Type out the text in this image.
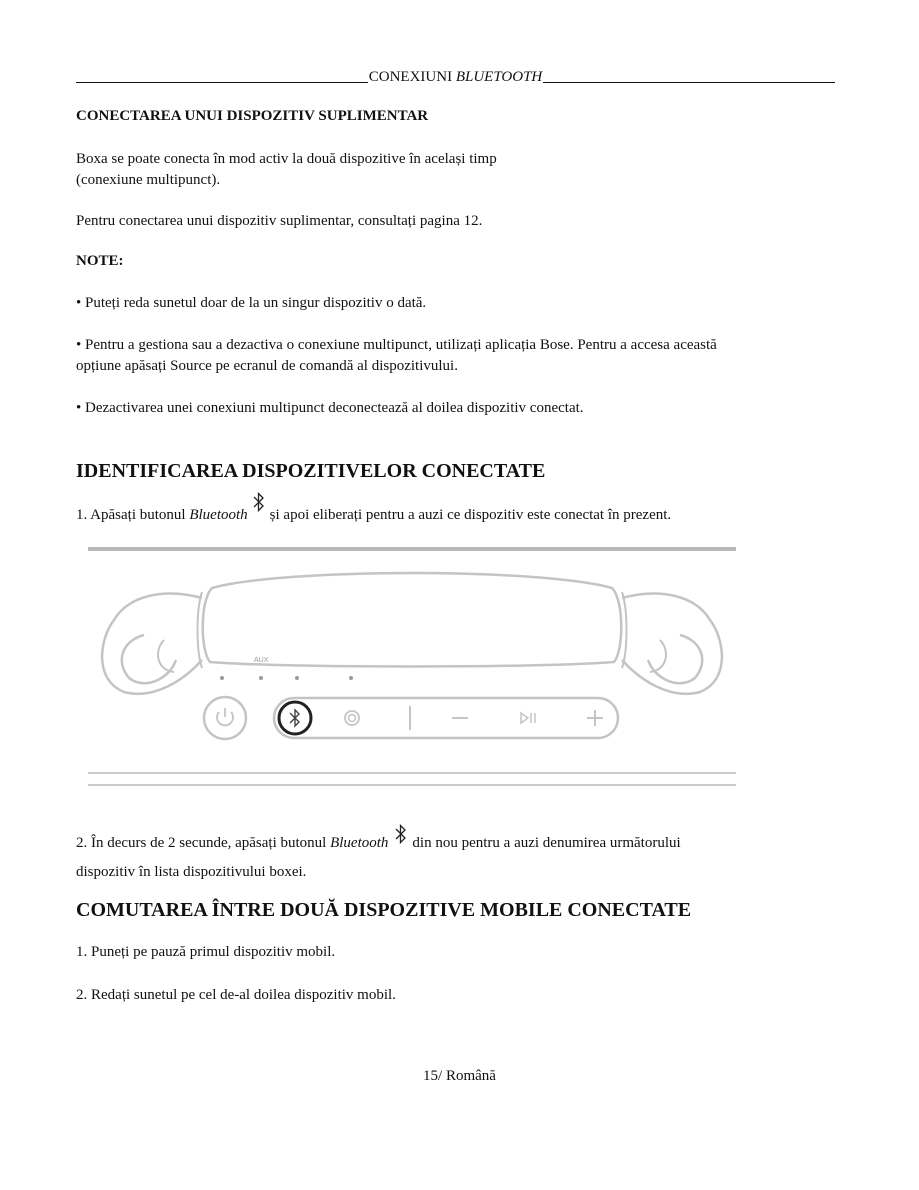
CONEXIUNI BLUETOOTH
CONECTAREA UNUI DISPOZITIV SUPLIMENTAR
Boxa se poate conecta în mod activ la două dispozitive în același timp
(conexiune multipunct).
Pentru conectarea unui dispozitiv suplimentar, consultați pagina 12.
NOTE:
• Puteți reda sunetul doar de la un singur dispozitiv o dată.
• Pentru a gestiona sau a dezactiva o conexiune multipunct, utilizați aplicația Bose. Pentru a accesa această
opțiune apăsați Source pe ecranul de comandă al dispozitivului.
• Dezactivarea unei conexiuni multipunct deconectează al doilea dispozitiv conectat.
IDENTIFICAREA DISPOZITIVELOR CONECTATE
1. Apăsați butonul Bluetooth și apoi eliberați pentru a auzi ce dispozitiv este conectat în prezent.
AUX
2. În decurs de 2 secunde, apăsați butonul Bluetooth din nou pentru a auzi denumirea următorului
dispozitiv în lista dispozitivului boxei.
COMUTAREA ÎNTRE DOUĂ DISPOZITIVE MOBILE CONECTATE
1. Puneți pe pauză primul dispozitiv mobil.
2. Redați sunetul pe cel de-al doilea dispozitiv mobil.
15/ Română
